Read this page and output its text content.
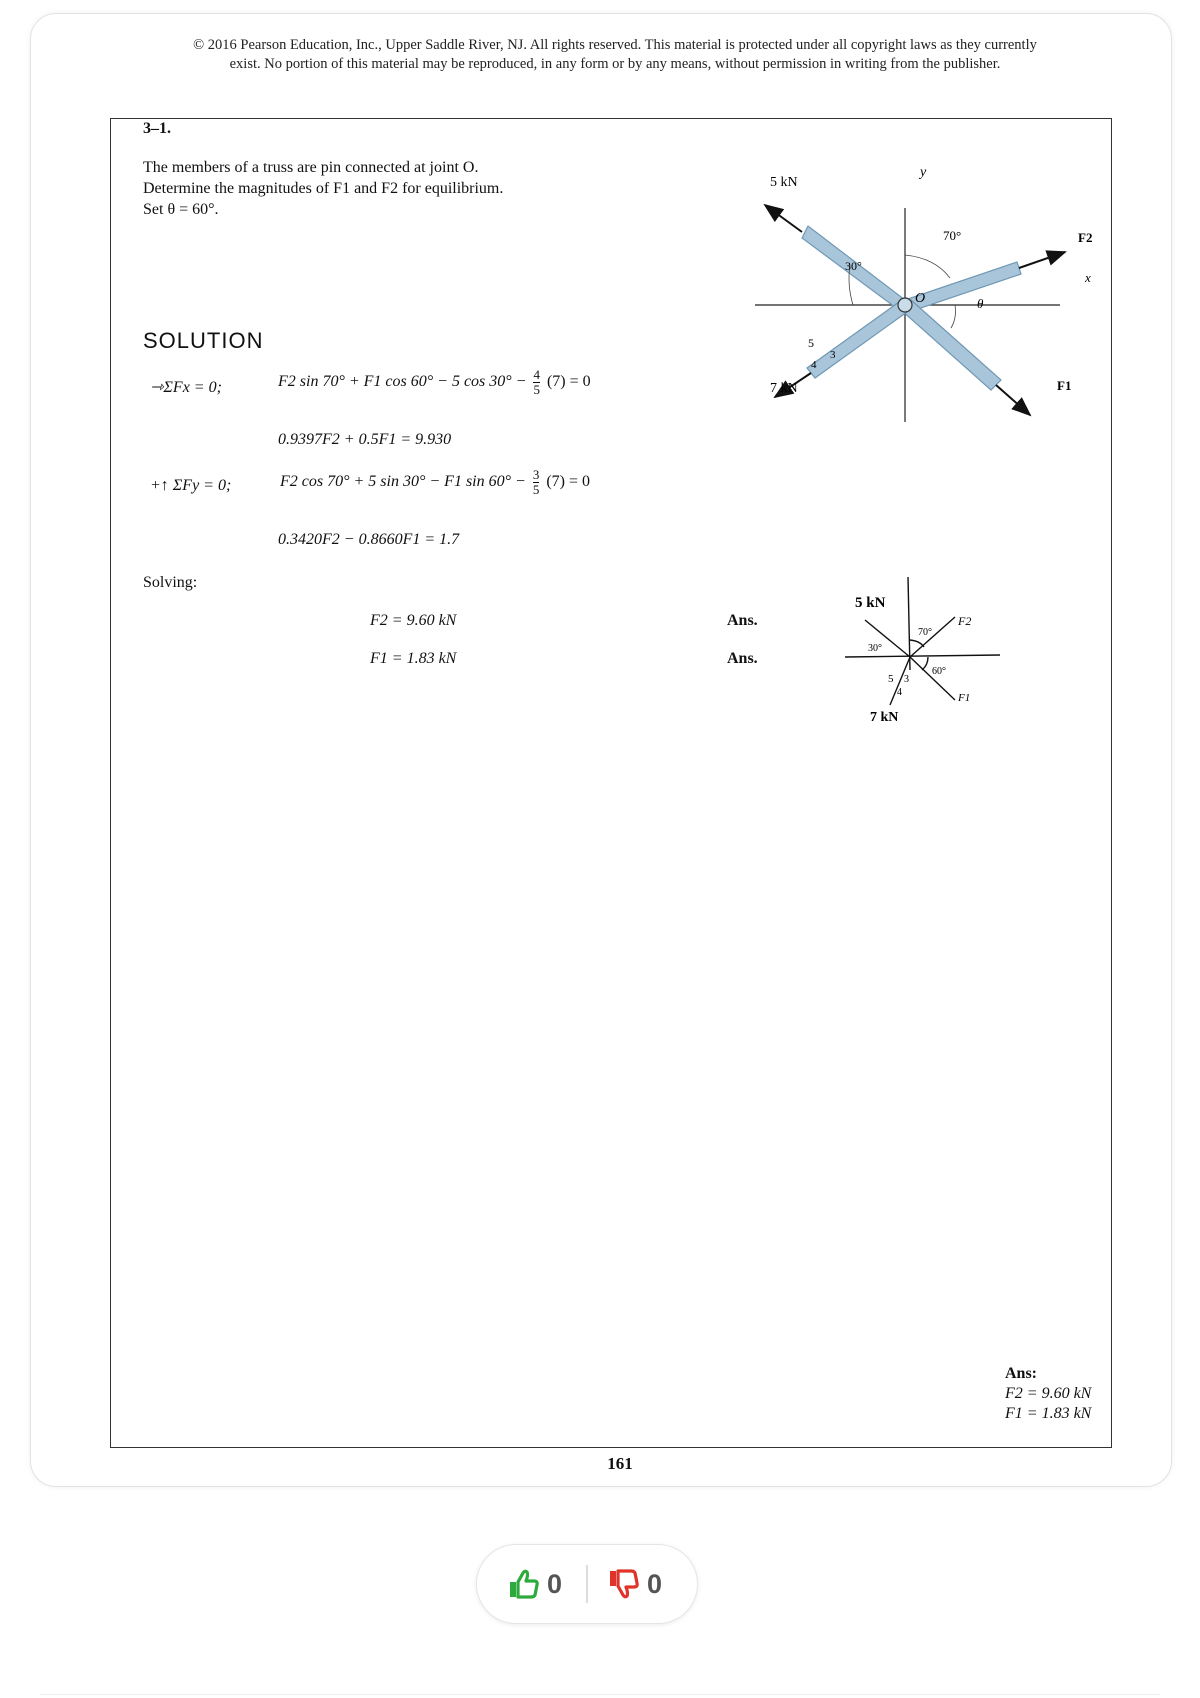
© 2016 Pearson Education, Inc., Upper Saddle River, NJ. All rights reserved. This material is protected under all copyright laws as they currently
exist. No portion of this material may be reproduced, in any form or by any means, without permission in writing from the publisher.
3–1.
The members of a truss are pin connected at joint O.
Determine the magnitudes of F1 and F2 for equilibrium.
Set θ = 60°.
5 kN
y
70°	F2
x
30°
O	θ
5
4
3
7 kN	F1
SOLUTION
⇾ΣFx = 0;	F2 sin 70° + F1 cos 60° − 5 $\cos 30^\circ - \frac{4}{5} (7) = 0$
0.9397F2 + 0.5F1 = 9.930
+↑ ΣFy = 0;	F2 cos 70° + 5 sin 30° − F1 $\sin 60^\circ - \frac{3}{5} (7) = 0$
0.3420F2 − 0.8660F1 = 1.7
Solving:
F2 = 9.60 kN	Ans.
F1 = 1.83 kN	Ans.
5 kN
70°
F2
30°
60°
5 3
4	F1
7 kN
Ans:
F2 = 9.60 kN
F1 = 1.83 kN
161
0	0
